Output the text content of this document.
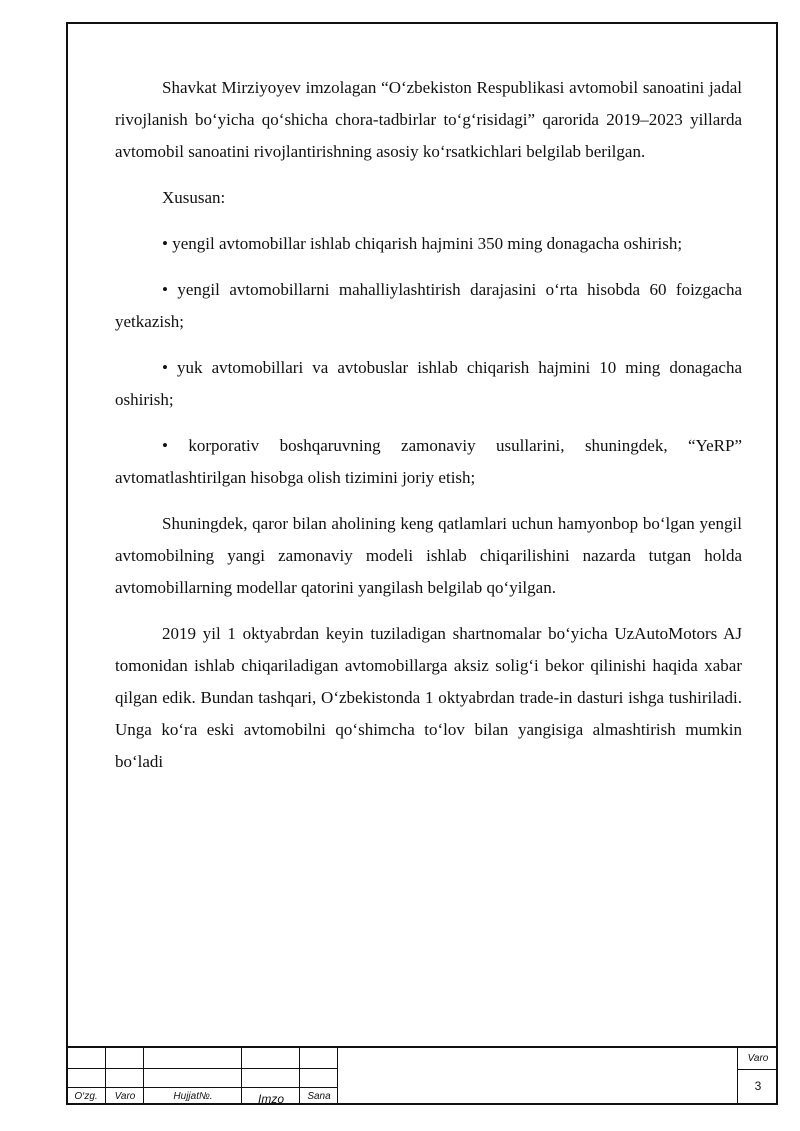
Shavkat Mirziyoyev imzolagan “O‘zbekiston Respublikasi avtomobil sanoatini jadal rivojlanish bo‘yicha qo‘shicha chora-tadbirlar to‘g‘risidagi” qarorida 2019–2023 yillarda avtomobil sanoatini rivojlantirishning asosiy ko‘rsatkichlari belgilab berilgan.

Xususan:

• yengil avtomobillar ishlab chiqarish hajmini 350 ming donagacha oshirish;

• yengil avtomobillarni mahalliylashtirish darajasini o‘rta hisobda 60 foizgacha yetkazish;

• yuk avtomobillari va avtobuslar ishlab chiqarish hajmini 10 ming donagacha oshirish;

• korporativ boshqaruvning zamonaviy usullarini, shuningdek, “YeRP” avtomatlashtirilgan hisobga olish tizimini joriy etish;

Shuningdek, qaror bilan aholining keng qatlamlari uchun hamyonbop bo‘lgan yengil avtomobilning yangi zamonaviy modeli ishlab chiqarilishini nazarda tutgan holda avtomobillarning modellar qatorini yangilash belgilab qo‘yilgan.

2019 yil 1 oktyabrdan keyin tuziladigan shartnomalar bo‘yicha UzAutoMotors AJ tomonidan ishlab chiqariladigan avtomobillarga aksiz solig‘i bekor qilinishi haqida xabar qilgan edik. Bundan tashqari, O‘zbekistonda 1 oktyabrdan trade-in dasturi ishga tushiriladi. Unga ko‘ra eski avtomobilni qo‘shimcha to‘lov bilan yangisiga almashtirish mumkin bo‘ladi

O‘zg.	Varo	Hujjat№.	Imzo	Sana
Varo
3
